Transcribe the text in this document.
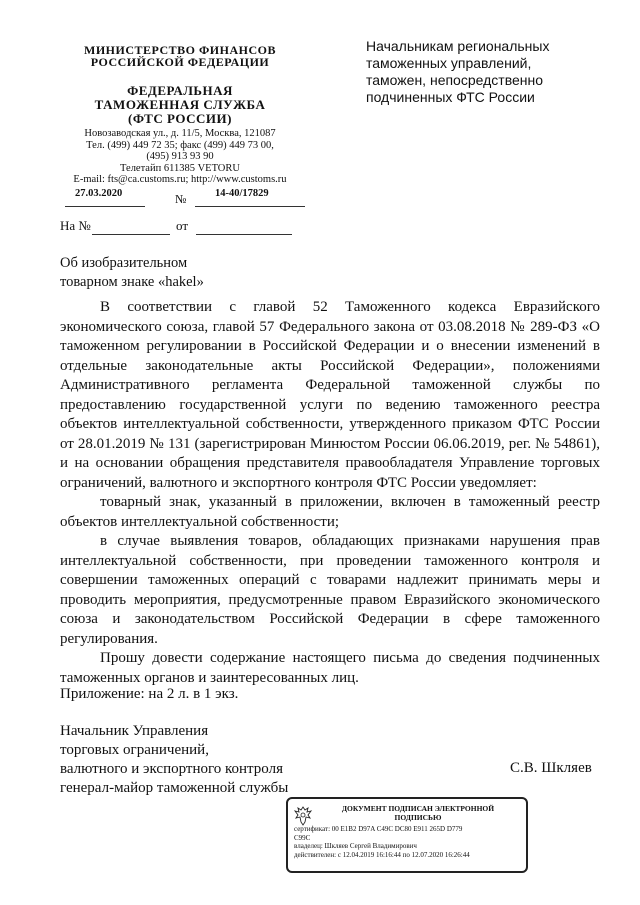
МИНИСТЕРСТВО ФИНАНСОВ
РОССИЙСКОЙ ФЕДЕРАЦИИ
ФЕДЕРАЛЬНАЯ
ТАМОЖЕННАЯ СЛУЖБА
(ФТС РОССИИ)
Новозаводская ул., д. 11/5, Москва, 121087
Тел. (499) 449 72 35; факс (499) 449 73 00,
(495) 913 93 90
Телетайп 611385 VETORU
E-mail: fts@ca.customs.ru; http://www.customs.ru
27.03.2020	№	14-40/17829
На №	от
Начальникам региональных
таможенных управлений,
таможен, непосредственно
подчиненных ФТС России
Об изобразительном
товарном знаке «hakel»

В соответствии с главой 52 Таможенного кодекса Евразийского экономического союза, главой 57 Федерального закона от 03.08.2018 № 289-ФЗ «О таможенном регулировании в Российской Федерации и о внесении изменений в отдельные законодательные акты Российской Федерации», положениями Административного регламента Федеральной таможенной службы по предоставлению государственной услуги по ведению таможенного реестра объектов интеллектуальной собственности, утвержденного приказом ФТС России от 28.01.2019 № 131 (зарегистрирован Минюстом России 06.06.2019, рег. № 54861), и на основании обращения представителя правообладателя Управление торговых ограничений, валютного и экспортного контроля ФТС России уведомляет:

товарный знак, указанный в приложении, включен в таможенный реестр объектов интеллектуальной собственности;

в случае выявления товаров, обладающих признаками нарушения прав интеллектуальной собственности, при проведении таможенного контроля и совершении таможенных операций с товарами надлежит принимать меры и проводить мероприятия, предусмотренные правом Евразийского экономического союза и законодательством Российской Федерации в сфере таможенного регулирования.

Прошу довести содержание настоящего письма до сведения подчиненных таможенных органов и заинтересованных лиц.

Приложение: на 2 л. в 1 экз.
Начальник Управления
торговых ограничений,
валютного и экспортного контроля
генерал-майор таможенной службы
С.В. Шкляев
ДОКУМЕНТ ПОДПИСАН ЭЛЕКТРОННОЙ
ПОДПИСЬЮ
сертификат: 00 E1B2 D97A C49C DC80 E911 265D D779
C99C
владелец: Шкляев Сергей Владимирович
действителен: с 12.04.2019 16:16:44 по 12.07.2020 16:26:44
